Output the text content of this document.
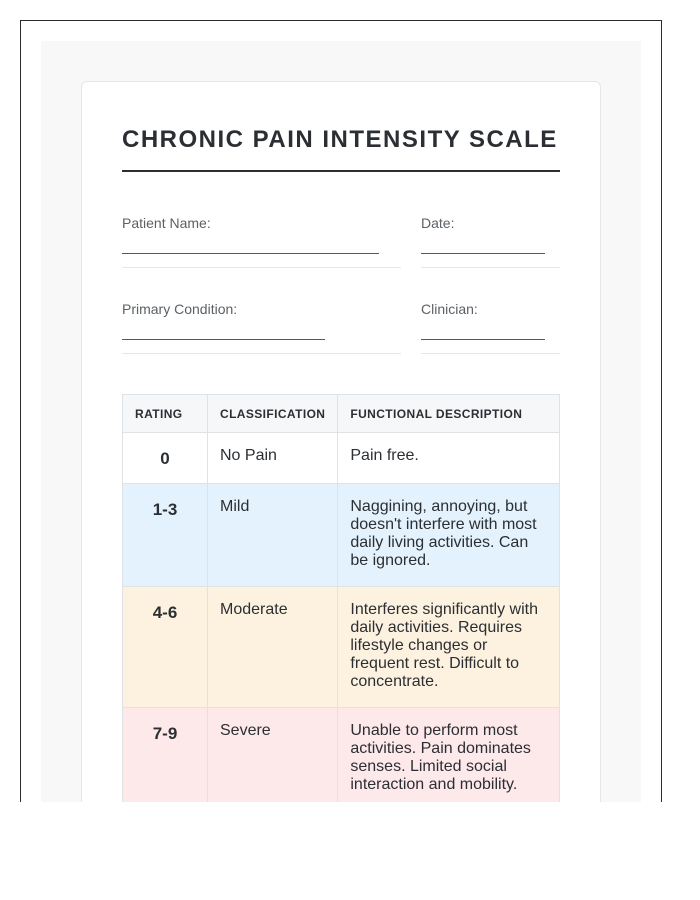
CHRONIC PAIN INTENSITY SCALE
Patient Name:	Date:
Primary Condition:	Clinician:
RATING	CLASSIFICATION	FUNCTIONAL DESCRIPTION
0	No Pain	Pain free.
1-3	Mild	Naggining, annoying, but doesn't interfere with most daily living activities. Can be ignored.
4-6	Moderate	Interferes significantly with daily activities. Requires lifestyle changes or frequent rest. Difficult to concentrate.
7-9	Severe	Unable to perform most activities. Pain dominates senses. Limited social interaction and mobility.
